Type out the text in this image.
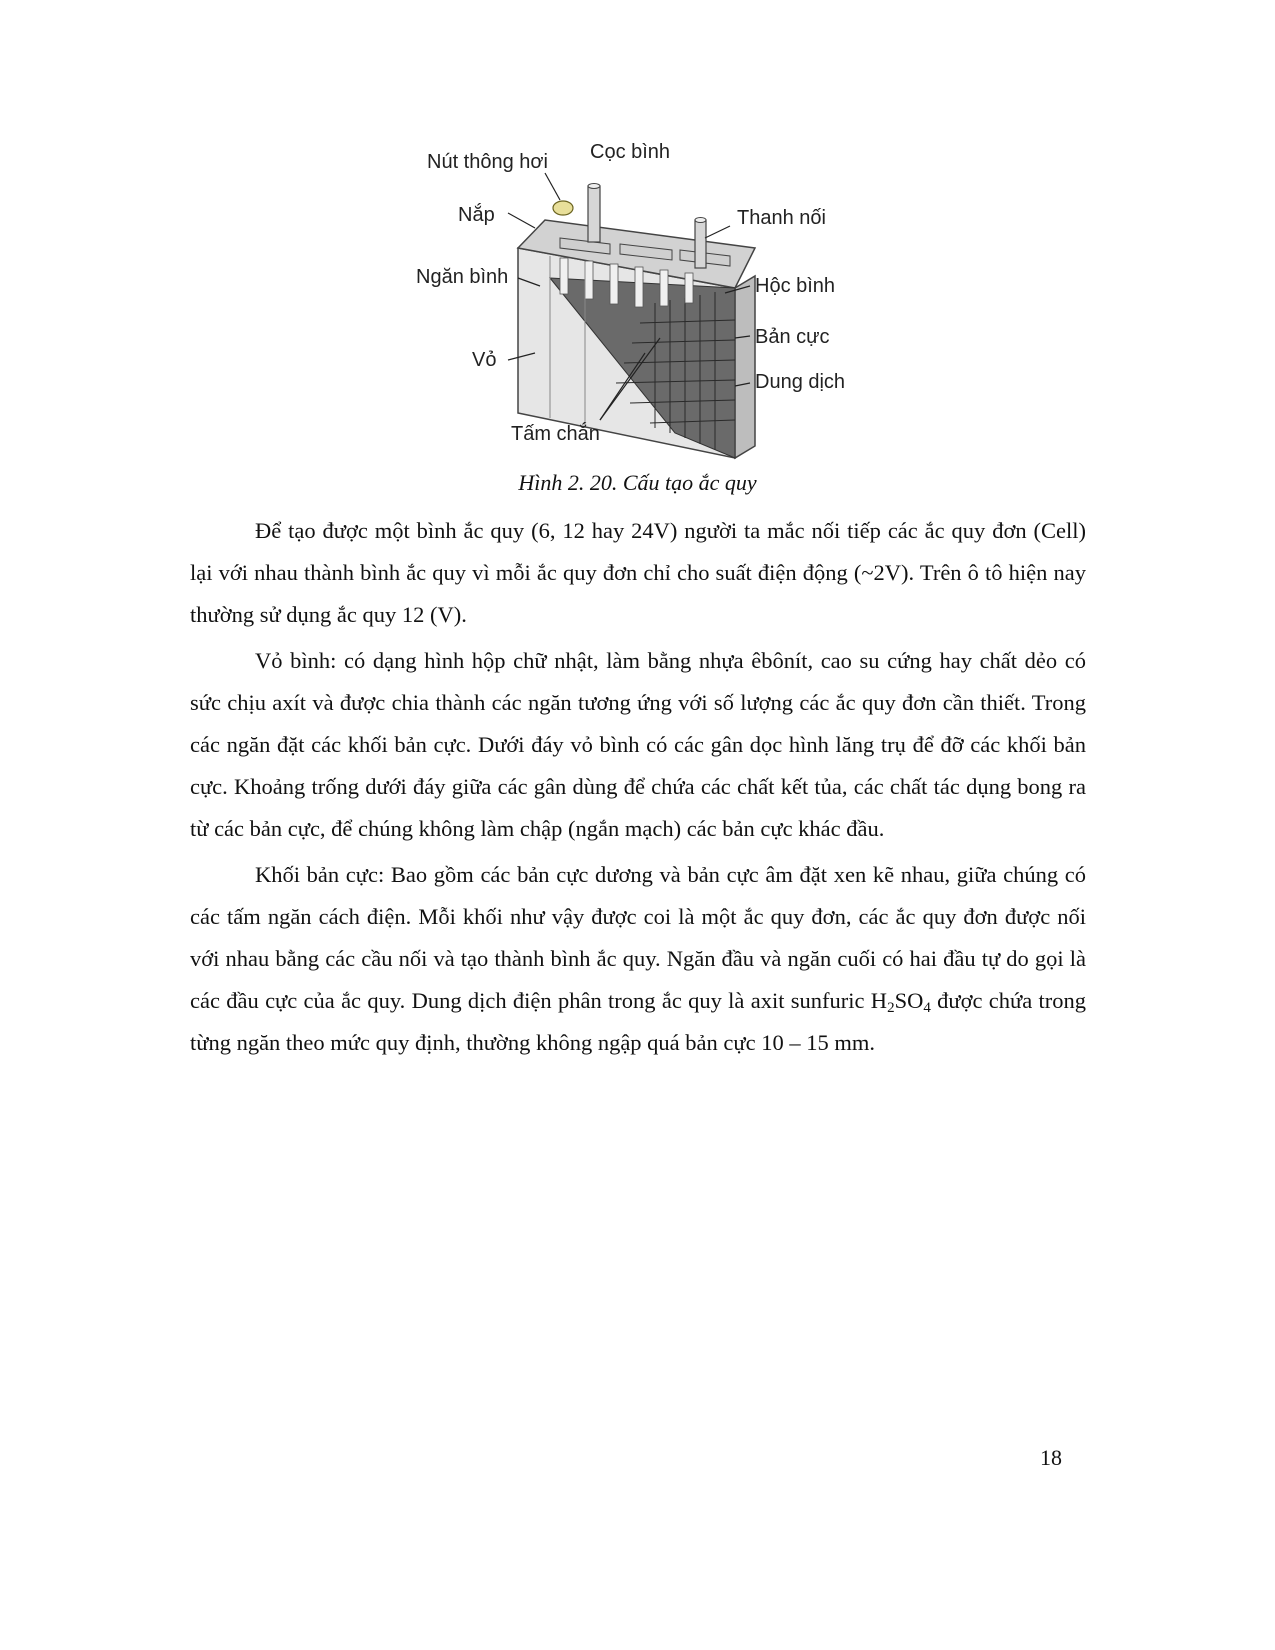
Nút thông hơi Cọc bình
Nắp	Thanh nối
Ngăn bình	Hộc bình
Bản cực
Vỏ
Dung dịch
Tấm chắn
Hình 2. 20. Cấu tạo ắc quy

Để tạo được một bình ắc quy (6, 12 hay 24V) người ta mắc nối tiếp các ắc quy đơn (Cell) lại với nhau thành bình ắc quy vì mỗi ắc quy đơn chỉ cho suất điện động (~2V). Trên ô tô hiện nay thường sử dụng ắc quy 12 (V).

Vỏ bình: có dạng hình hộp chữ nhật, làm bằng nhựa êbônít, cao su cứng hay chất dẻo có sức chịu axít và được chia thành các ngăn tương ứng với số lượng các ắc quy đơn cần thiết. Trong các ngăn đặt các khối bản cực. Dưới đáy vỏ bình có các gân dọc hình lăng trụ để đỡ các khối bản cực. Khoảng trống dưới đáy giữa các gân dùng để chứa các chất kết tủa, các chất tác dụng bong ra từ các bản cực, để chúng không làm chập (ngắn mạch) các bản cực khác đầu.

Khối bản cực: Bao gồm các bản cực dương và bản cực âm đặt xen kẽ nhau, giữa chúng có các tấm ngăn cách điện. Mỗi khối như vậy được coi là một ắc quy đơn, các ắc quy đơn được nối với nhau bằng các cầu nối và tạo thành bình ắc quy. Ngăn đầu và ngăn cuối có hai đầu tự do gọi là các đầu cực của ắc quy. Dung dịch điện phân trong ắc quy là axit sunfuric $H_2SO_4$ được chứa trong từng ngăn theo mức quy định, thường không ngập quá bản cực 10 – 15 mm.

18
